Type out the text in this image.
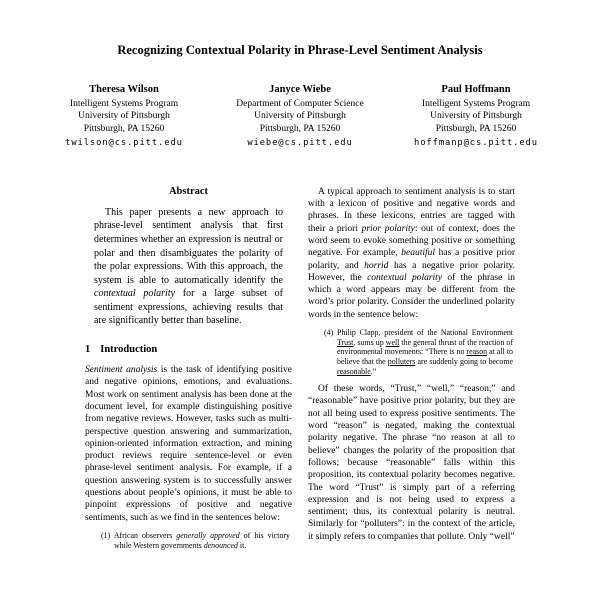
Recognizing Contextual Polarity in Phrase-Level Sentiment Analysis
Theresa Wilson
Intelligent Systems Program
University of Pittsburgh
Pittsburgh, PA 15260
twilson@cs.pitt.edu
Janyce Wiebe
Department of Computer Science
University of Pittsburgh
Pittsburgh, PA 15260
wiebe@cs.pitt.edu
Paul Hoffmann
Intelligent Systems Program
University of Pittsburgh
Pittsburgh, PA 15260
hoffmanp@cs.pitt.edu
Abstract

This paper presents a new approach to phrase-level sentiment analysis that first determines whether an expression is neutral or polar and then disambiguates the polarity of the polar expressions. With this approach, the system is able to automatically identify the contextual polarity for a large subset of sentiment expressions, achieving results that are significantly better than baseline.

1 Introduction

Sentiment analysis is the task of identifying positive and negative opinions, emotions, and evaluations. Most work on sentiment analysis has been done at the document level, for example distinguishing positive from negative reviews. However, tasks such as multi-perspective question answering and summarization, opinion-oriented information extraction, and mining product reviews require sentence-level or even phrase-level sentiment analysis. For example, if a question answering system is to successfully answer questions about people’s opinions, it must be able to pinpoint expressions of positive and negative sentiments, such as we find in the sentences below:

(1) African observers generally approved of his victory while Western governments denounced it.

A typical approach to sentiment analysis is to start with a lexicon of positive and negative words and phrases. In these lexicons, entries are tagged with their a priori prior polarity: out of context, does the word seem to evoke something positive or something negative. For example, beautiful has a positive prior polarity, and horrid has a negative prior polarity. However, the contextual polarity of the phrase in which a word appears may be different from the word’s prior polarity. Consider the underlined polarity words in the sentence below:

(4) Philip Clapp, president of the National Environment Trust, sums up well the general thrust of the reaction of environmental movements: “There is no reason at all to believe that the polluters are suddenly going to become reasonable.”

Of these words, “Trust,” “well,” “reason,” and “reasonable” have positive prior polarity, but they are not all being used to express positive sentiments. The word “reason” is negated, making the contextual polarity negative. The phrase “no reason at all to believe” changes the polarity of the proposition that follows; because “reasonable” falls within this proposition, its contextual polarity becomes negative. The word “Trust” is simply part of a referring expression and is not being used to express a sentiment; thus, its contextual polarity is neutral. Similarly for “polluters”: in the context of the article, it simply refers to companies that pollute. Only “well”
